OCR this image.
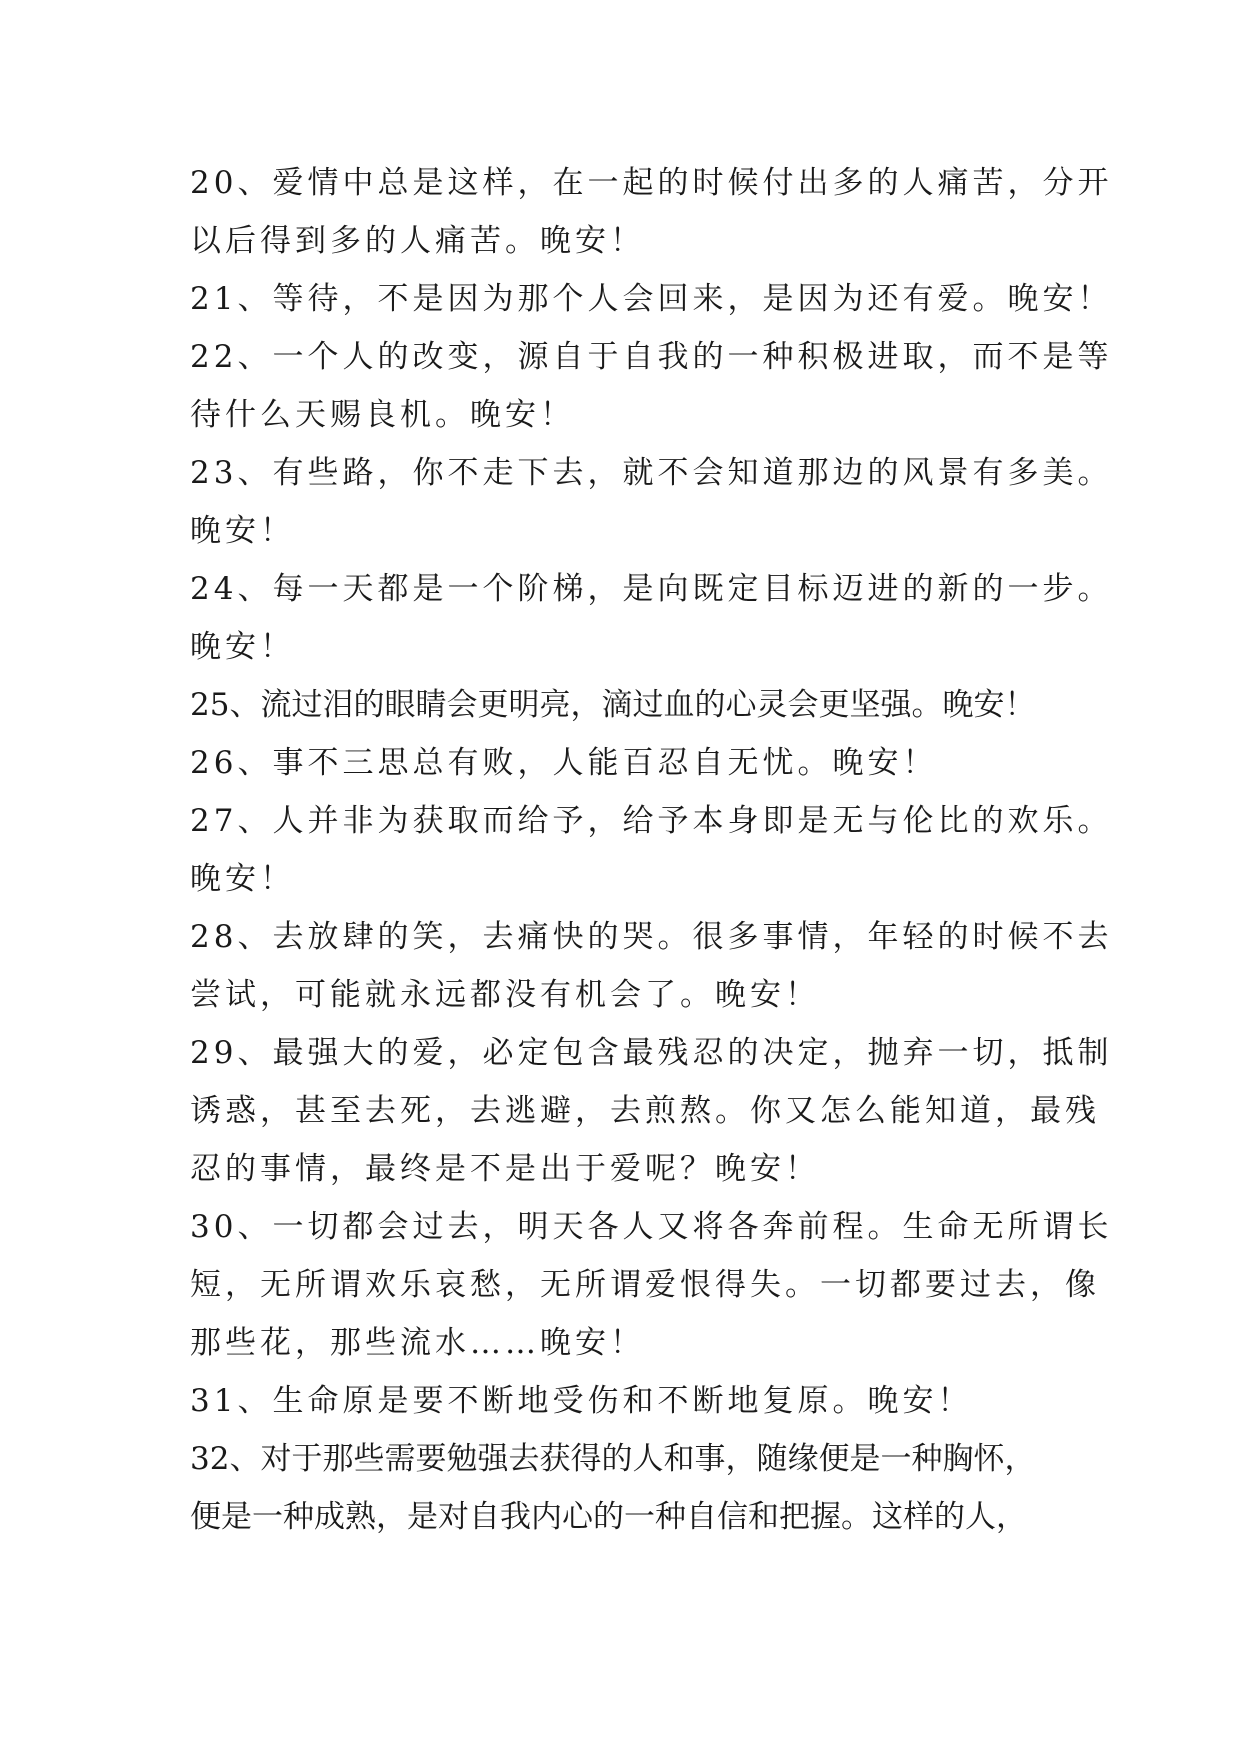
20、爱情中总是这样，在一起的时候付出多的人痛苦，分开
以后得到多的人痛苦。晚安！
21、等待，不是因为那个人会回来，是因为还有爱。晚安！
22、一个人的改变，源自于自我的一种积极进取，而不是等
待什么天赐良机。晚安！
23、有些路，你不走下去，就不会知道那边的风景有多美。
晚安！
24、每一天都是一个阶梯，是向既定目标迈进的新的一步。
晚安！
25、流过泪的眼睛会更明亮，滴过血的心灵会更坚强。晚安！
26、事不三思总有败，人能百忍自无忧。晚安！
27、人并非为获取而给予，给予本身即是无与伦比的欢乐。
晚安！
28、去放肆的笑，去痛快的哭。很多事情，年轻的时候不去
尝试，可能就永远都没有机会了。晚安！
29、最强大的爱，必定包含最残忍的决定，抛弃一切，抵制
诱惑，甚至去死，去逃避，去煎熬。你又怎么能知道，最残
忍的事情，最终是不是出于爱呢？晚安！
30、一切都会过去，明天各人又将各奔前程。生命无所谓长
短，无所谓欢乐哀愁，无所谓爱恨得失。一切都要过去，像
那些花，那些流水……晚安！
31、生命原是要不断地受伤和不断地复原。晚安！
32、对于那些需要勉强去获得的人和事，随缘便是一种胸怀，
便是一种成熟，是对自我内心的一种自信和把握。这样的人，
